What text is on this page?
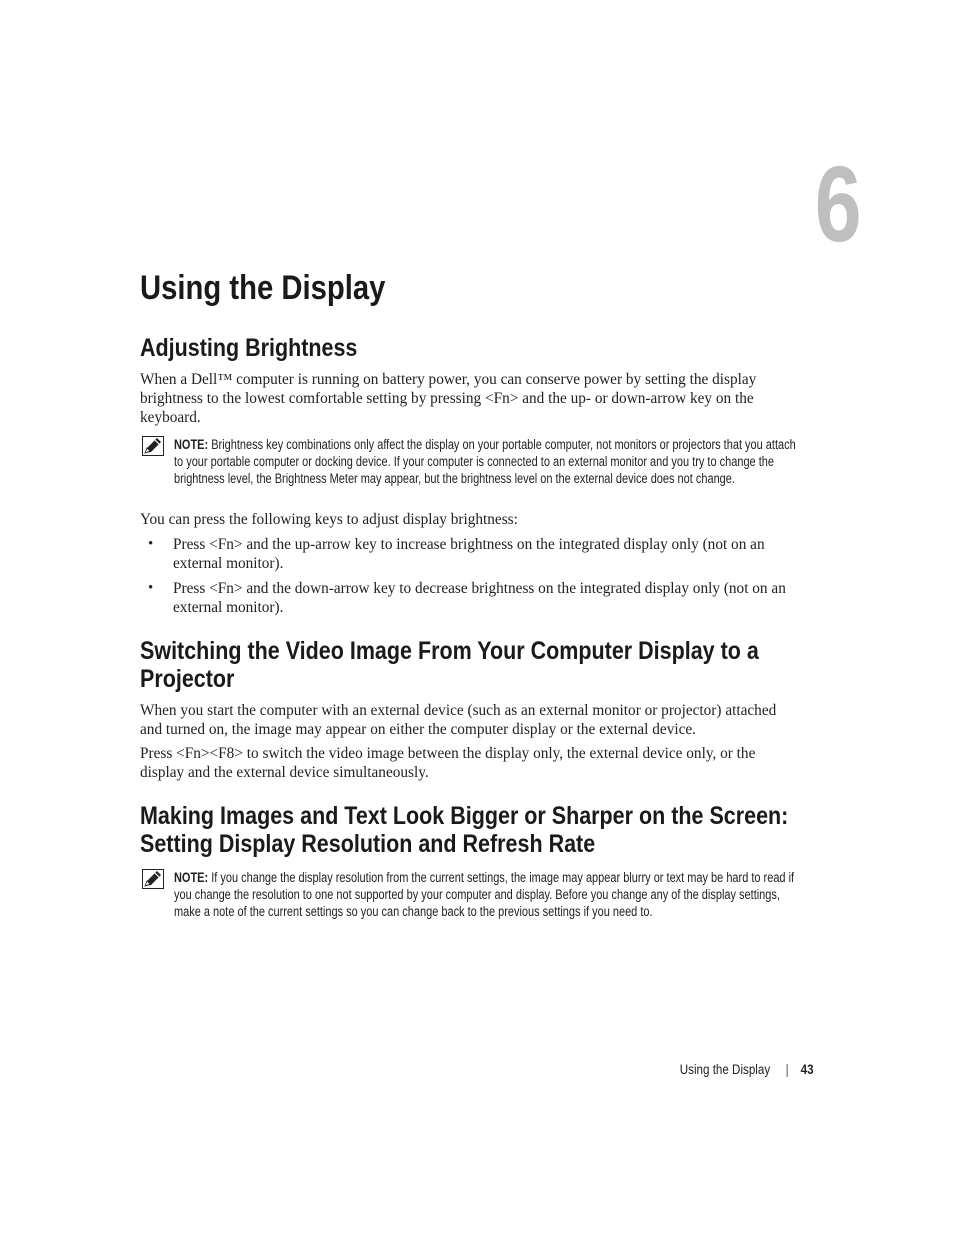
6
Using the Display
Adjusting Brightness

When a Dell™ computer is running on battery power, you can conserve power by setting the display brightness to the lowest comfortable setting by pressing <Fn> and the up- or down-arrow key on the keyboard.

NOTE: Brightness key combinations only affect the display on your portable computer, not monitors or projectors that you attach to your portable computer or docking device. If your computer is connected to an external monitor and you try to change the brightness level, the Brightness Meter may appear, but the brightness level on the external device does not change.

You can press the following keys to adjust display brightness:

• Press <Fn> and the up-arrow key to increase brightness on the integrated display only (not on an external monitor).
• Press <Fn> and the down-arrow key to decrease brightness on the integrated display only (not on an external monitor).
Switching the Video Image From Your Computer Display to a Projector

When you start the computer with an external device (such as an external monitor or projector) attached and turned on, the image may appear on either the computer display or the external device.

Press <Fn><F8> to switch the video image between the display only, the external device only, or the display and the external device simultaneously.

Making Images and Text Look Bigger or Sharper on the Screen: Setting Display Resolution and Refresh Rate
NOTE: If you change the display resolution from the current settings, the image may appear blurry or text may be hard to read if you change the resolution to one not supported by your computer and display. Before you change any of the display settings, make a note of the current settings so you can change back to the previous settings if you need to.
Using the Display | 43
